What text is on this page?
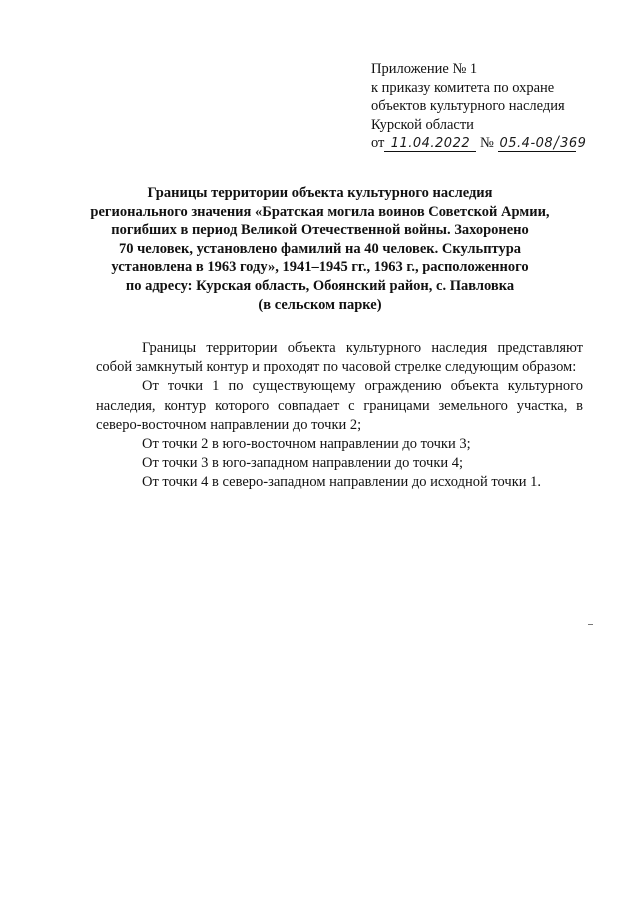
Приложение № 1
к приказу комитета по охране
объектов культурного наследия
Курской области
от 11.04.2022 № 05.4-08/369
Границы территории объекта культурного наследия
регионального значения «Братская могила воинов Советской Армии,
погибших в период Великой Отечественной войны. Захоронено
70 человек, установлено фамилий на 40 человек. Скульптура
установлена в 1963 году», 1941–1945 гг., 1963 г., расположенного
по адресу: Курская область, Обоянский район, с. Павловка
(в сельском парке)

Границы территории объекта культурного наследия представляют собой замкнутый контур и проходят по часовой стрелке следующим образом:

От точки 1 по существующему ограждению объекта культурного наследия, контур которого совпадает с границами земельного участка, в северо-восточном направлении до точки 2;

От точки 2 в юго-восточном направлении до точки 3;

От точки 3 в юго-западном направлении до точки 4;

От точки 4 в северо-западном направлении до исходной точки 1.
